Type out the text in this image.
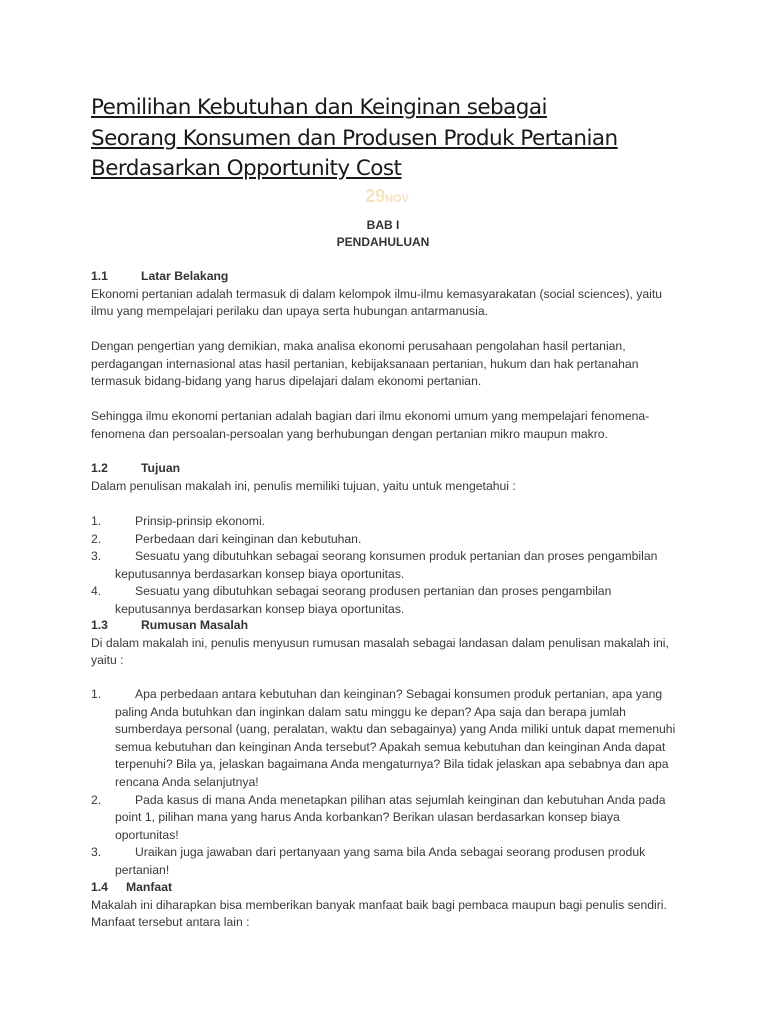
Pemilihan Kebutuhan dan Keinginan sebagai
Seorang Konsumen dan Produsen Produk Pertanian
Berdasarkan Opportunity Cost
29NOV
BAB I
PENDAHULUAN
1.1	Latar Belakang

Ekonomi pertanian adalah termasuk di dalam kelompok ilmu-ilmu kemasyarakatan (social sciences), yaitu ilmu yang mempelajari perilaku dan upaya serta hubungan antarmanusia.

Dengan pengertian yang demikian, maka analisa ekonomi perusahaan pengolahan hasil pertanian, perdagangan internasional atas hasil pertanian, kebijaksanaan pertanian, hukum dan hak pertanahan termasuk bidang-bidang yang harus dipelajari dalam ekonomi pertanian.

Sehingga ilmu ekonomi pertanian adalah bagian dari ilmu ekonomi umum yang mempelajari fenomena-fenomena dan persoalan-persoalan yang berhubungan dengan pertanian mikro maupun makro.

1.2	Tujuan

Dalam penulisan makalah ini, penulis memiliki tujuan, yaitu untuk mengetahui :

1.	Prinsip-prinsip ekonomi.
2.	Perbedaan dari keinginan dan kebutuhan.
3.	Sesuatu yang dibutuhkan sebagai seorang konsumen produk pertanian dan proses pengambilan keputusannya berdasarkan konsep biaya oportunitas.
4.	Sesuatu yang dibutuhkan sebagai seorang produsen pertanian dan proses pengambilan keputusannya berdasarkan konsep biaya oportunitas.
1.3	Rumusan Masalah

Di dalam makalah ini, penulis menyusun rumusan masalah sebagai landasan dalam penulisan makalah ini, yaitu :

1.	Apa perbedaan antara kebutuhan dan keinginan? Sebagai konsumen produk pertanian, apa yang paling Anda butuhkan dan inginkan dalam satu minggu ke depan? Apa saja dan berapa jumlah sumberdaya personal (uang, peralatan, waktu dan sebagainya) yang Anda miliki untuk dapat memenuhi semua kebutuhan dan keinginan Anda tersebut? Apakah semua kebutuhan dan keinginan Anda dapat terpenuhi? Bila ya, jelaskan bagaimana Anda mengaturnya? Bila tidak jelaskan apa sebabnya dan apa rencana Anda selanjutnya!
2.	Pada kasus di mana Anda menetapkan pilihan atas sejumlah keinginan dan kebutuhan Anda pada point 1, pilihan mana yang harus Anda korbankan? Berikan ulasan berdasarkan konsep biaya oportunitas!
3.	Uraikan juga jawaban dari pertanyaan yang sama bila Anda sebagai seorang produsen produk pertanian!
1.4 Manfaat

Makalah ini diharapkan bisa memberikan banyak manfaat baik bagi pembaca maupun bagi penulis sendiri. Manfaat tersebut antara lain :
